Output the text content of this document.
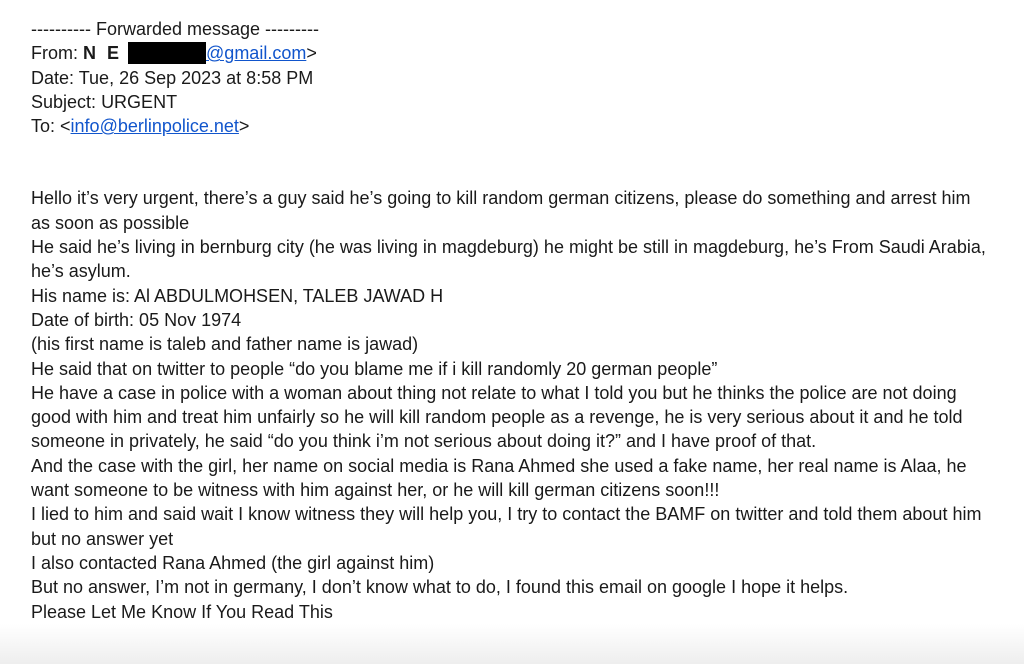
---------- Forwarded message ---------
From: N E	@gmail.com>
Date: Tue, 26 Sep 2023 at 8:58 PM
Subject: URGENT
To: <info@berlinpolice.net>

Hello it’s very urgent, there’s a guy said he’s going to kill random german citizens, please do something and arrest him as soon as possible

He said he’s living in bernburg city (he was living in magdeburg) he might be still in magdeburg, he’s From Saudi Arabia, he’s asylum.

His name is: Al ABDULMOHSEN, TALEB JAWAD H

Date of birth: 05 Nov 1974

(his first name is taleb and father name is jawad)

He said that on twitter to people “do you blame me if i kill randomly 20 german people”

He have a case in police with a woman about thing not relate to what I told you but he thinks the police are not doing good with him and treat him unfairly so he will kill random people as a revenge, he is very serious about it and he told someone in privately, he said “do you think i’m not serious about doing it?” and I have proof of that.

And the case with the girl, her name on social media is Rana Ahmed she used a fake name, her real name is Alaa, he want someone to be witness with him against her, or he will kill german citizens soon!!!

I lied to him and said wait I know witness they will help you, I try to contact the BAMF on twitter and told them about him but no answer yet

I also contacted Rana Ahmed (the girl against him)

But no answer, I’m not in germany, I don’t know what to do, I found this email on google I hope it helps.

Please Let Me Know If You Read This
